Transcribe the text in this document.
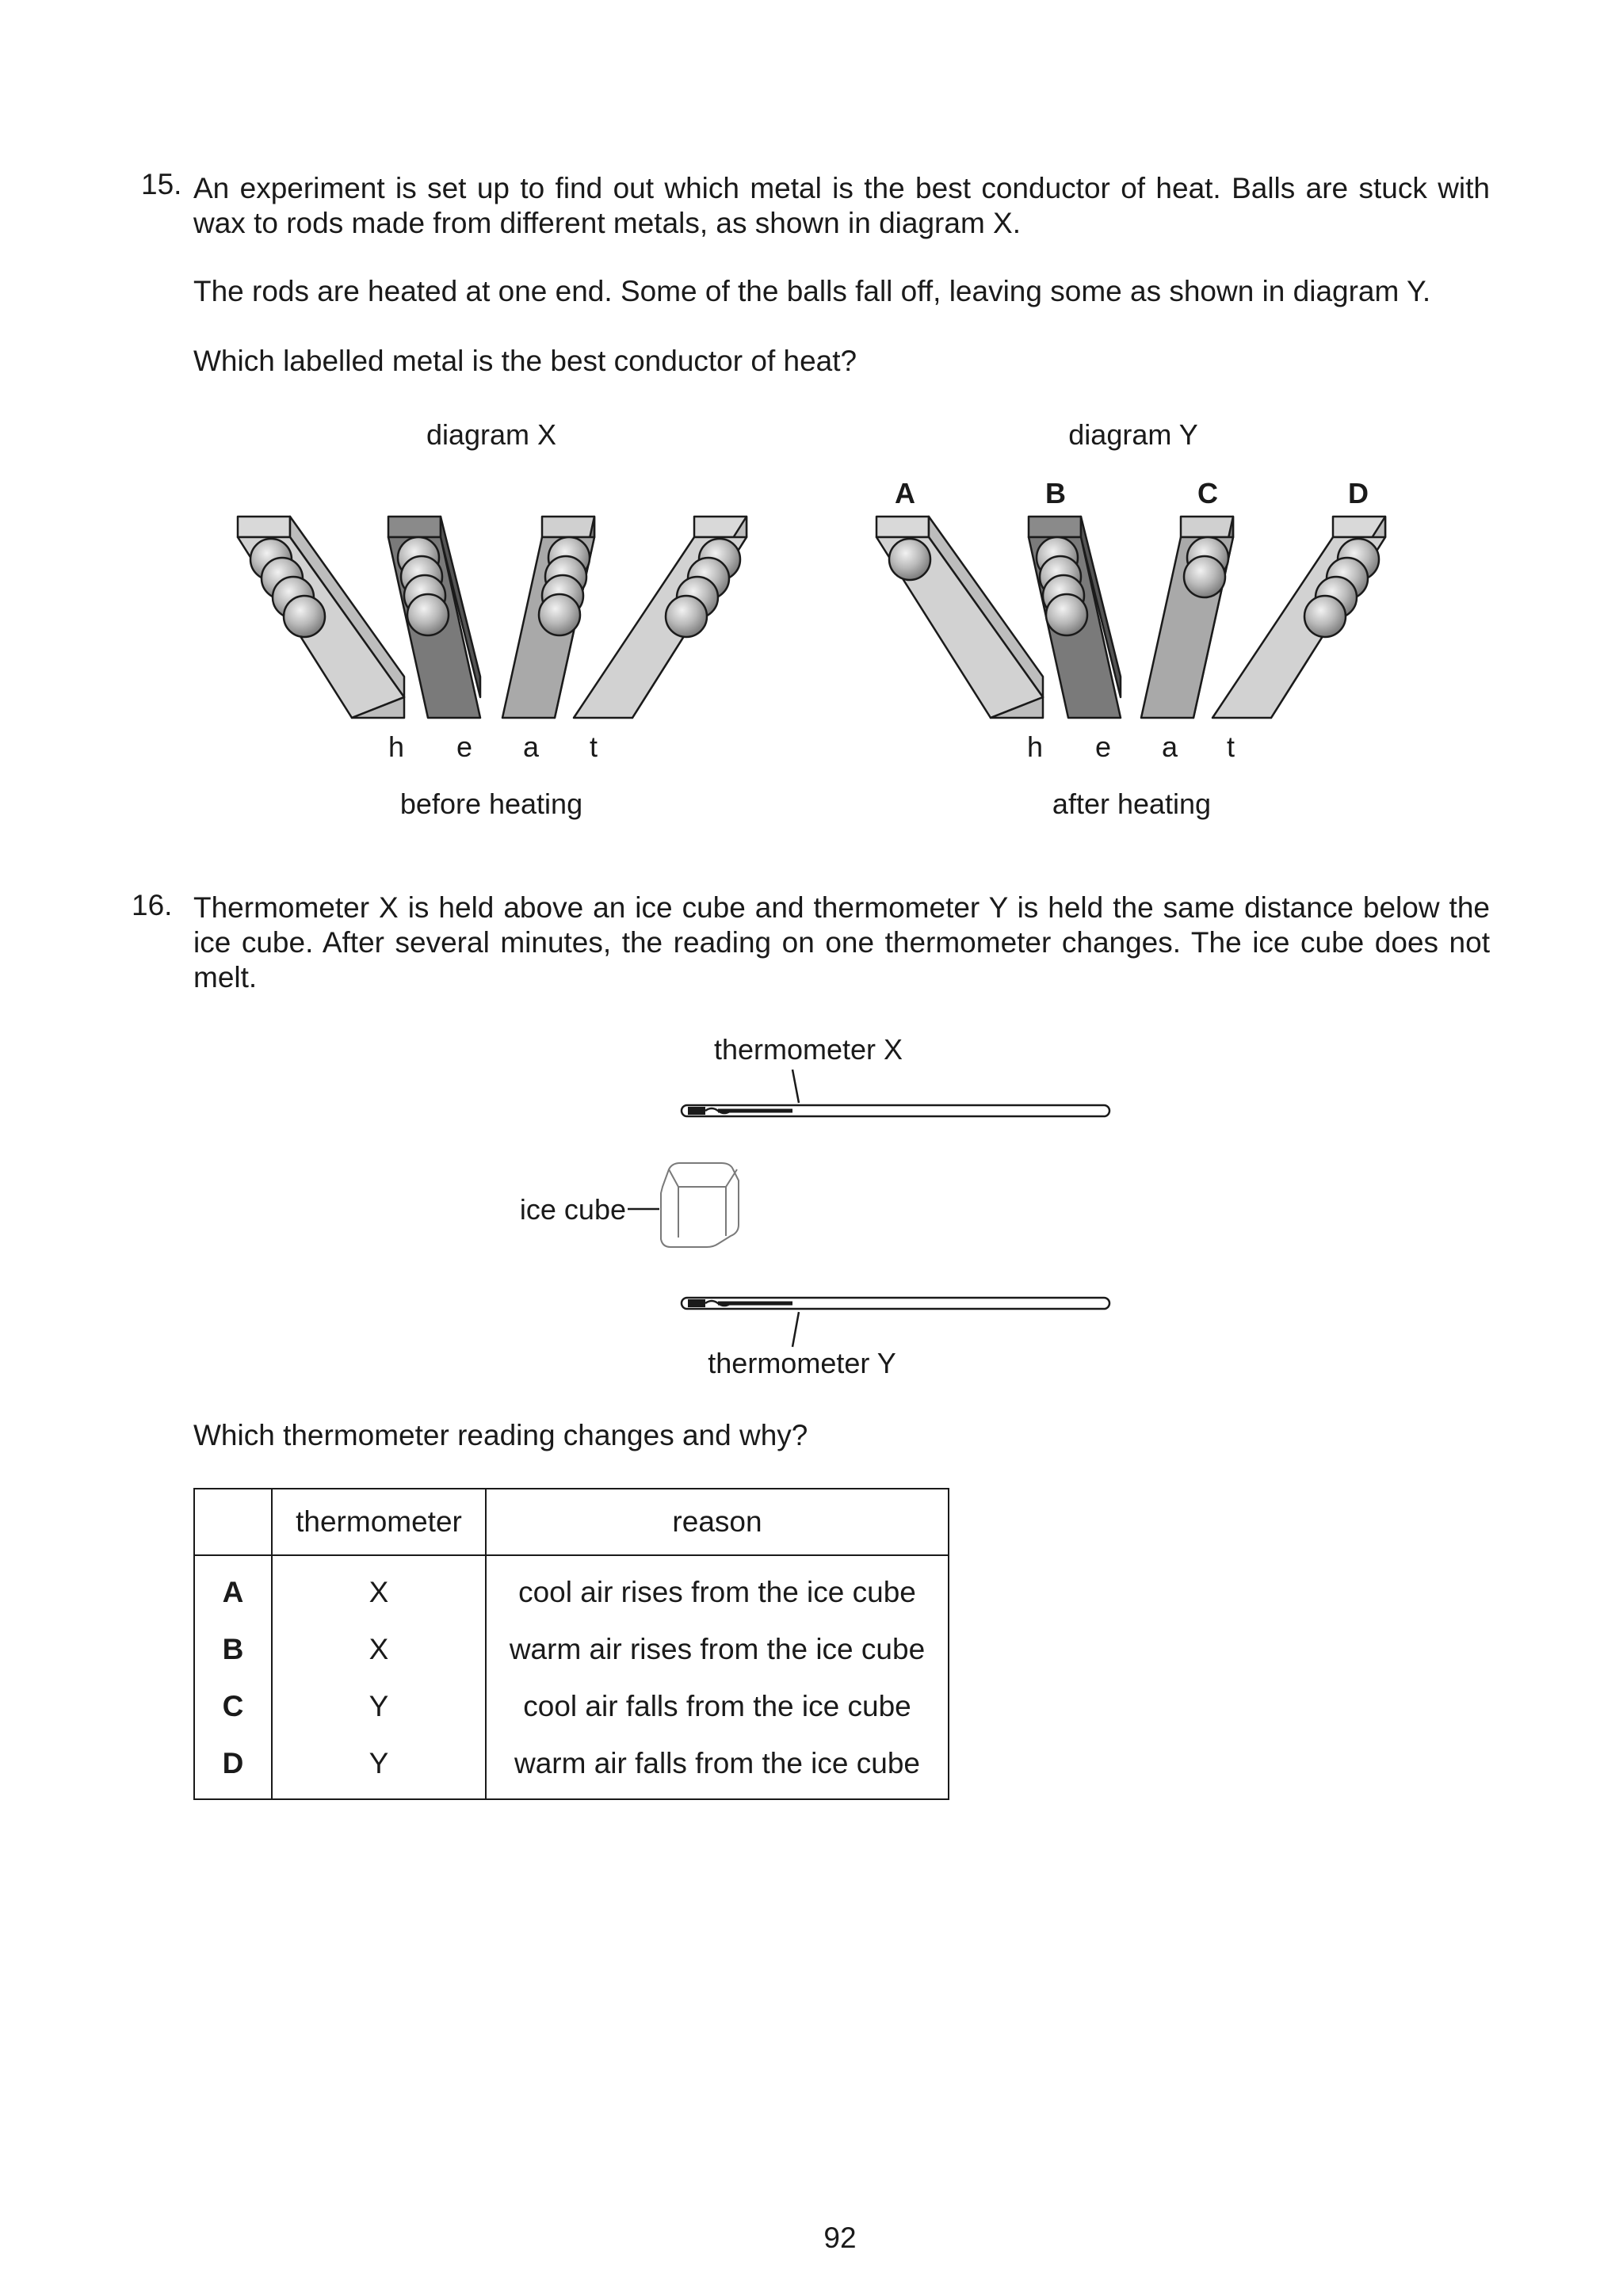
15. An experiment is set up to find out which metal is the best conductor of heat. Balls are stuck with wax to rods made from different metals, as shown in diagram X.
The rods are heated at one end. Some of the balls fall off, leaving some as shown in diagram Y.
Which labelled metal is the best conductor of heat?
diagram X
h e a t
before heating
diagram Y
A	B	C	D
h e a t
after heating
16. Thermometer X is held above an ice cube and thermometer Y is held the same distance below the ice cube. After several minutes, the reading on one thermometer changes. The ice cube does not melt.
thermometer X
ice cube
thermometer Y
Which thermometer reading changes and why?
	thermometer	reason
A	X	cool air rises from the ice cube
B	X	warm air rises from the ice cube
C	Y	cool air falls from the ice cube
D	Y	warm air falls from the ice cube
92
